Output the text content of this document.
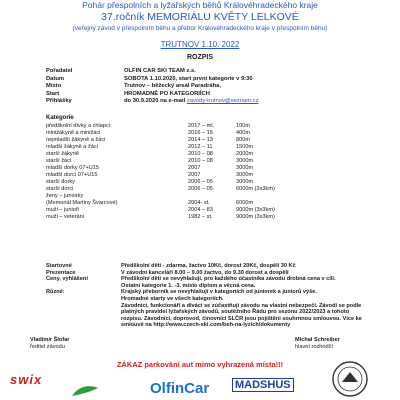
Pohár přespolních a lyžařských běhů Královéhradeckého kraje
37.ročník MEMORIÁLU KVĚTY LELKOVÉ
(veřejný závod v přespolním běhu a přebor Královéhradeckého kraje v přespolním běhu)
TRUTNOV 1.10. 2022
ROZPIS
Pořadatel	OLFIN CAR SKI TEAM z.s.
Datum	SOBOTA 1.10.2020, start první kategorie v 9:30
Místo	Trutnov – běžecký areál Paradráha,
Start	HROMADNĚ PO KATEGORIÍCH
Přihlášky	do 30.9.2020 na e-mail zavody-trutnov@seznam.cz
Kategorie
předškolní dívky a chlapci	2017 – ml.	100m
minižákyně a minižáci	2016 – 15	400m
nejmladší žákyně a žáci	2014 – 13	800m
mladší žákyně a žáci	2012 – 11	1500m
starší žákyně	2010 – 08	2000m
starší žáci	2010 – 08	3000m
mladší dorky 07+U15	2007	3000m
mladší dorci 07+U15	2007	3000m
starší dorky	2006 – 05	3000m
starší dorci	2006 – 05	6000m (2x3km)
ženy – juniorky
(Memoriál Martiny Švarcové)	2004- st.	6000m
muži – junioři	2004 – 83	9000m (3x3km)
muži – veteráni	1982 – st.	9000m (3x3km)
Startovné	Předškolní děti - zdarma, žactvo 10Kč, dorost 20Kč, dospělí 30 Kč
Prezentace	V závodní kanceláři 8.00 – 9.00 žactvo, do 9.30 dorost a dospělí
Ceny, vyhlášení	Předškolní děti se nevyhlašují, pro každého účastníka závodu drobná cena v cíli.
Ostatní kategorie 1. -3. místo diplom a věcná cena.
Různé:	Krajský přeborník se nevyhlašují v kategoriích od juniorek a juniorů výše.
Hromadné starty ve všech kategoriích.
Závodníci, funkcionáři a diváci se zúčastňují závodu na vlastní nebezpečí. Závodí se podle platných pravidel lyžařských závodů, soutěžního Řádu pro sezónu 2022/2023 a tohoto rozpisu. Závodníci, doprovod, činovníci SLČR jsou pojištěni souhrnnou smlouvou. Více ke smlouvě na http://www.czech-ski.com/beh-na-lyzich/dokumenty
Vladimír Šlofar
ředitel závodu
Michal Schreiber
hlavní rozhodčí
ZÁKAZ parkování aut mimo vyhrazená místa!!!
swix
OlfinCar MADSHUS
